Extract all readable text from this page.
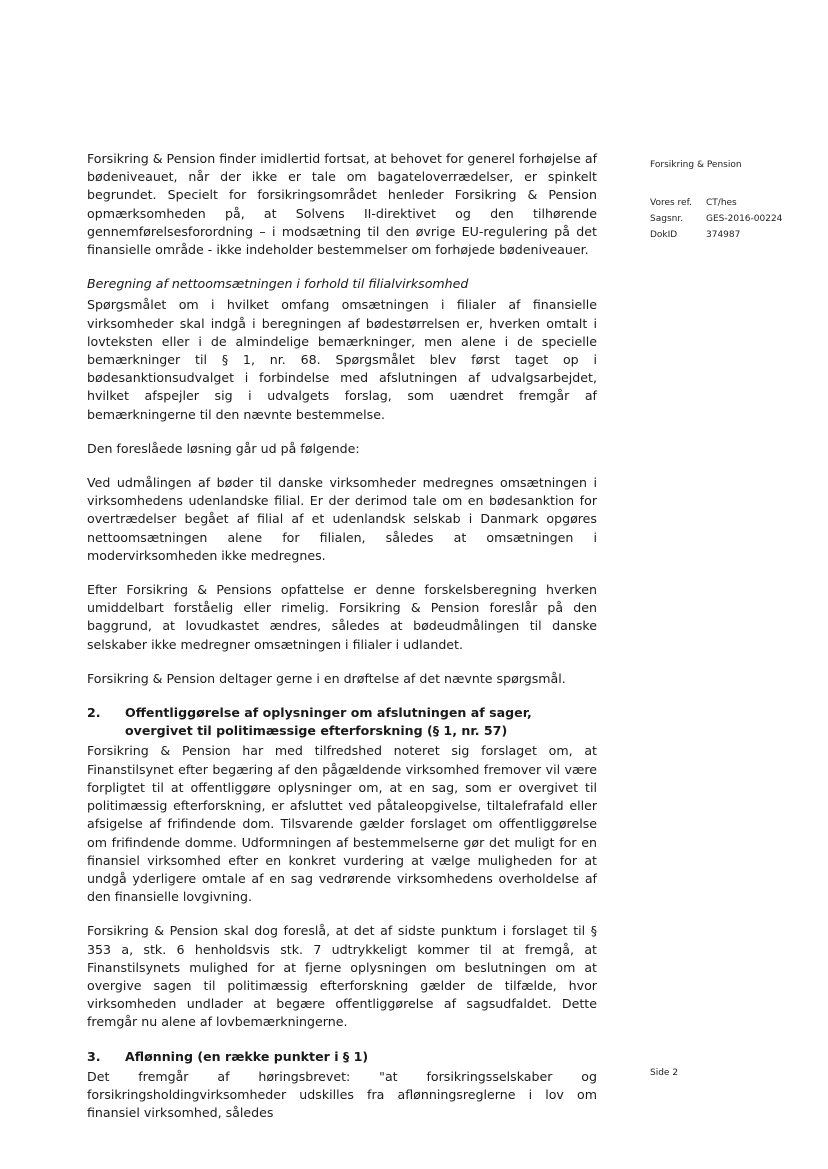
Forsikring & Pension finder imidlertid fortsat, at behovet for generel forhøjelse af bødeniveauet, når der ikke er tale om bagateloverrædelser, er spinkelt begrundet. Specielt for forsikringsområdet henleder Forsikring & Pension opmærksomheden på, at Solvens II-direktivet og den tilhørende gennemførelsesforordning – i modsætning til den øvrige EU-regulering på det finansielle område - ikke indeholder bestemmelser om forhøjede bødeniveauer.

Beregning af nettoomsætningen i forhold til filialvirksomhed

Spørgsmålet om i hvilket omfang omsætningen i filialer af finansielle virksomheder skal indgå i beregningen af bødestørrelsen er, hverken omtalt i lovteksten eller i de almindelige bemærkninger, men alene i de specielle bemærkninger til § 1, nr. 68. Spørgsmålet blev først taget op i bødesanktionsudvalget i forbindelse med afslutningen af udvalgsarbejdet, hvilket afspejler sig i udvalgets forslag, som uændret fremgår af bemærkningerne til den nævnte bestemmelse.

Den foreslåede løsning går ud på følgende:

Ved udmålingen af bøder til danske virksomheder medregnes omsætningen i virksomhedens udenlandske filial. Er der derimod tale om en bødesanktion for overtrædelser begået af filial af et udenlandsk selskab i Danmark opgøres nettoomsætningen alene for filialen, således at omsætningen i modervirksomheden ikke medregnes.

Efter Forsikring & Pensions opfattelse er denne forskelsberegning hverken umiddelbart forståelig eller rimelig. Forsikring & Pension foreslår på den baggrund, at lovudkastet ændres, således at bødeudmålingen til danske selskaber ikke medregner omsætningen i filialer i udlandet.

Forsikring & Pension deltager gerne i en drøftelse af det nævnte spørgsmål.

2.	Offentliggørelse af oplysninger om afslutningen af sager, overgivet til politimæssige efterforskning (§ 1, nr. 57)

Forsikring & Pension har med tilfredshed noteret sig forslaget om, at Finanstilsynet efter begæring af den pågældende virksomhed fremover vil være forpligtet til at offentliggøre oplysninger om, at en sag, som er overgivet til politimæssig efterforskning, er afsluttet ved påtaleopgivelse, tiltalefrafald eller afsigelse af frifindende dom. Tilsvarende gælder forslaget om offentliggørelse om frifindende domme. Udformningen af bestemmelserne gør det muligt for en finansiel virksomhed efter en konkret vurdering at vælge muligheden for at undgå yderligere omtale af en sag vedrørende virksomhedens overholdelse af den finansielle lovgivning.

Forsikring & Pension skal dog foreslå, at det af sidste punktum i forslaget til § 353 a, stk. 6 henholdsvis stk. 7 udtrykkeligt kommer til at fremgå, at Finanstilsynets mulighed for at fjerne oplysningen om beslutningen om at overgive sagen til politimæssig efterforskning gælder de tilfælde, hvor virksomheden undlader at begære offentliggørelse af sagsudfaldet. Dette fremgår nu alene af lovbemærkningerne.

3.	Aflønning (en række punkter i § 1)

Det fremgår af høringsbrevet: "at forsikringsselskaber og forsikringsholdingvirksomheder udskilles fra aflønningsreglerne i lov om finansiel virksomhed, således

Forsikring & Pension
Vores ref.	CT/hes
Sagsnr.	GES-2016-00224
DokID	374987
Side 2
